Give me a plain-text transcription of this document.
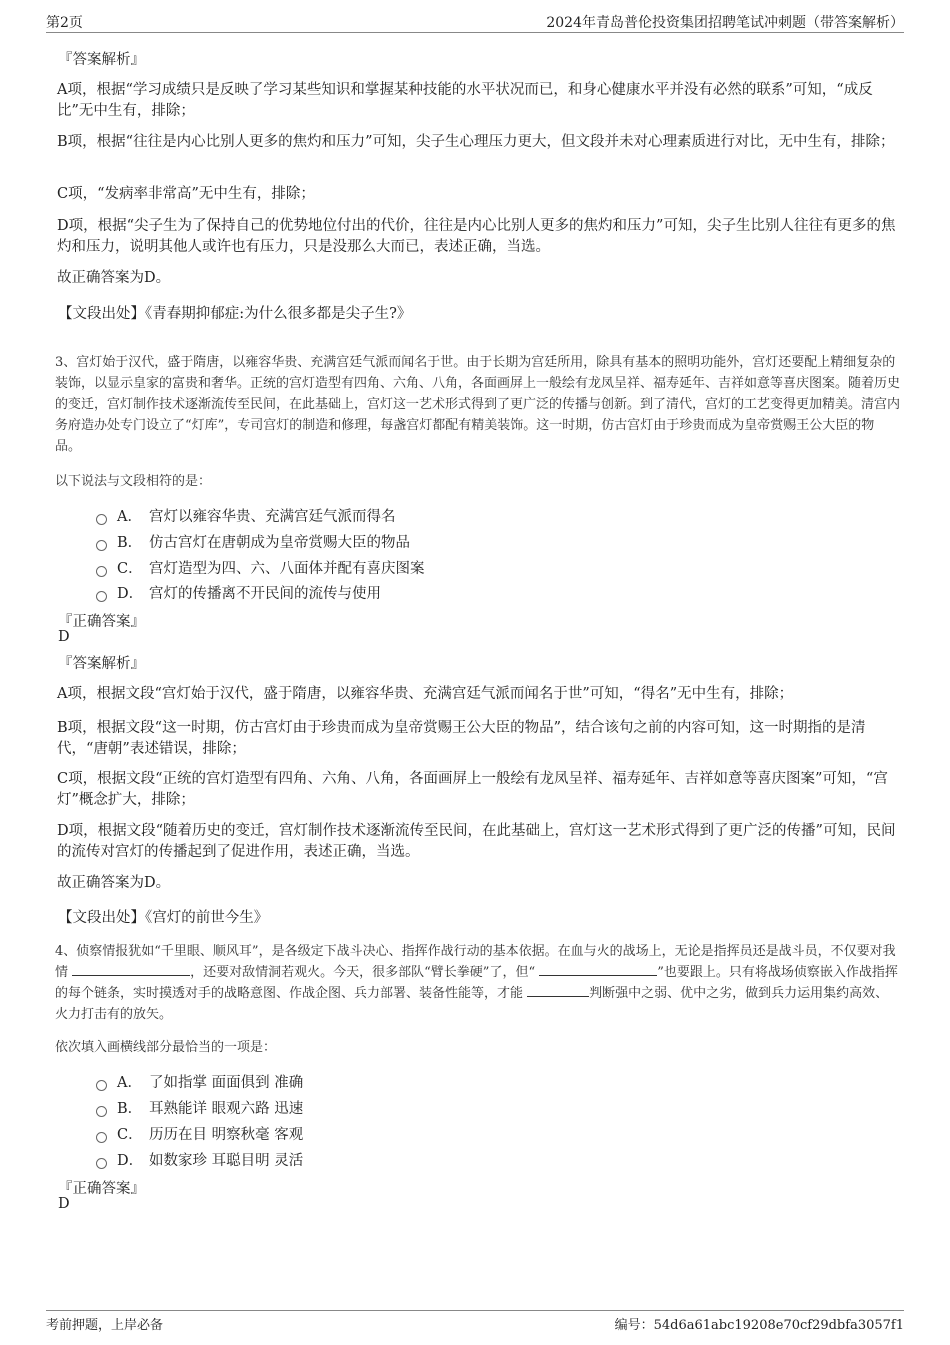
第2页	2024年青岛普伦投资集团招聘笔试冲刺题（带答案解析）
『答案解析』

A项，根据“学习成绩只是反映了学习某些知识和掌握某种技能的水平状况而已，和身心健康水平并没有必然的联系”可知，“成反比”无中生有，排除；

B项，根据“往往是内心比别人更多的焦灼和压力”可知，尖子生心理压力更大，但文段并未对心理素质进行对比，无中生有，排除；

C项，“发病率非常高”无中生有，排除；

D项，根据“尖子生为了保持自己的优势地位付出的代价，往往是内心比别人更多的焦灼和压力”可知，尖子生比别人往往有更多的焦灼和压力，说明其他人或许也有压力，只是没那么大而已，表述正确，当选。

故正确答案为D。

【文段出处】《青春期抑郁症:为什么很多都是尖子生?》
3、宫灯始于汉代，盛于隋唐，以雍容华贵、充满宫廷气派而闻名于世。由于长期为宫廷所用，除具有基本的照明功能外，宫灯还要配上精细复杂的装饰，以显示皇家的富贵和奢华。正统的宫灯造型有四角、六角、八角，各面画屏上一般绘有龙凤呈祥、福寿延年、吉祥如意等喜庆图案。随着历史的变迁，宫灯制作技术逐渐流传至民间，在此基础上，宫灯这一艺术形式得到了更广泛的传播与创新。到了清代，宫灯的工艺变得更加精美。清宫内务府造办处专门设立了“灯库”，专司宫灯的制造和修理，每盏宫灯都配有精美装饰。这一时期，仿古宫灯由于珍贵而成为皇帝赏赐王公大臣的物品。
以下说法与文段相符的是：
A． 宫灯以雍容华贵、充满宫廷气派而得名
B． 仿古宫灯在唐朝成为皇帝赏赐大臣的物品
C． 宫灯造型为四、六、八面体并配有喜庆图案
D． 宫灯的传播离不开民间的流传与使用
『正确答案』
D
『答案解析』

A项，根据文段“宫灯始于汉代，盛于隋唐，以雍容华贵、充满宫廷气派而闻名于世”可知，“得名”无中生有，排除；

B项，根据文段“这一时期，仿古宫灯由于珍贵而成为皇帝赏赐王公大臣的物品”，结合该句之前的内容可知，这一时期指的是清代，“唐朝”表述错误，排除；

C项，根据文段“正统的宫灯造型有四角、六角、八角，各面画屏上一般绘有龙凤呈祥、福寿延年、吉祥如意等喜庆图案”可知，“宫灯”概念扩大，排除；

D项，根据文段“随着历史的变迁，宫灯制作技术逐渐流传至民间，在此基础上，宫灯这一艺术形式得到了更广泛的传播”可知，民间的流传对宫灯的传播起到了促进作用，表述正确，当选。

故正确答案为D。

【文段出处】《宫灯的前世今生》
4、侦察情报犹如“千里眼、顺风耳”，是各级定下战斗决心、指挥作战行动的基本依据。在血与火的战场上，无论是指挥员还是战斗员，不仅要对我情	，还要对敌情洞若观火。今天，很多部队“臂长拳硬”了，但“	”也要跟上。只有将战场侦察嵌入作战指挥的每个链条，实时摸透对手的战略意图、作战企图、兵力部署、装备性能等，才能	判断强中之弱、优中之劣，做到兵力运用集约高效、火力打击有的放矢。
依次填入画横线部分最恰当的一项是：
A． 了如指掌 面面俱到 准确
B． 耳熟能详 眼观六路 迅速
C． 历历在目 明察秋毫 客观
D． 如数家珍 耳聪目明 灵活
『正确答案』
D
考前押题，上岸必备	编号：54d6a61abc19208e70cf29dbfa3057f1
